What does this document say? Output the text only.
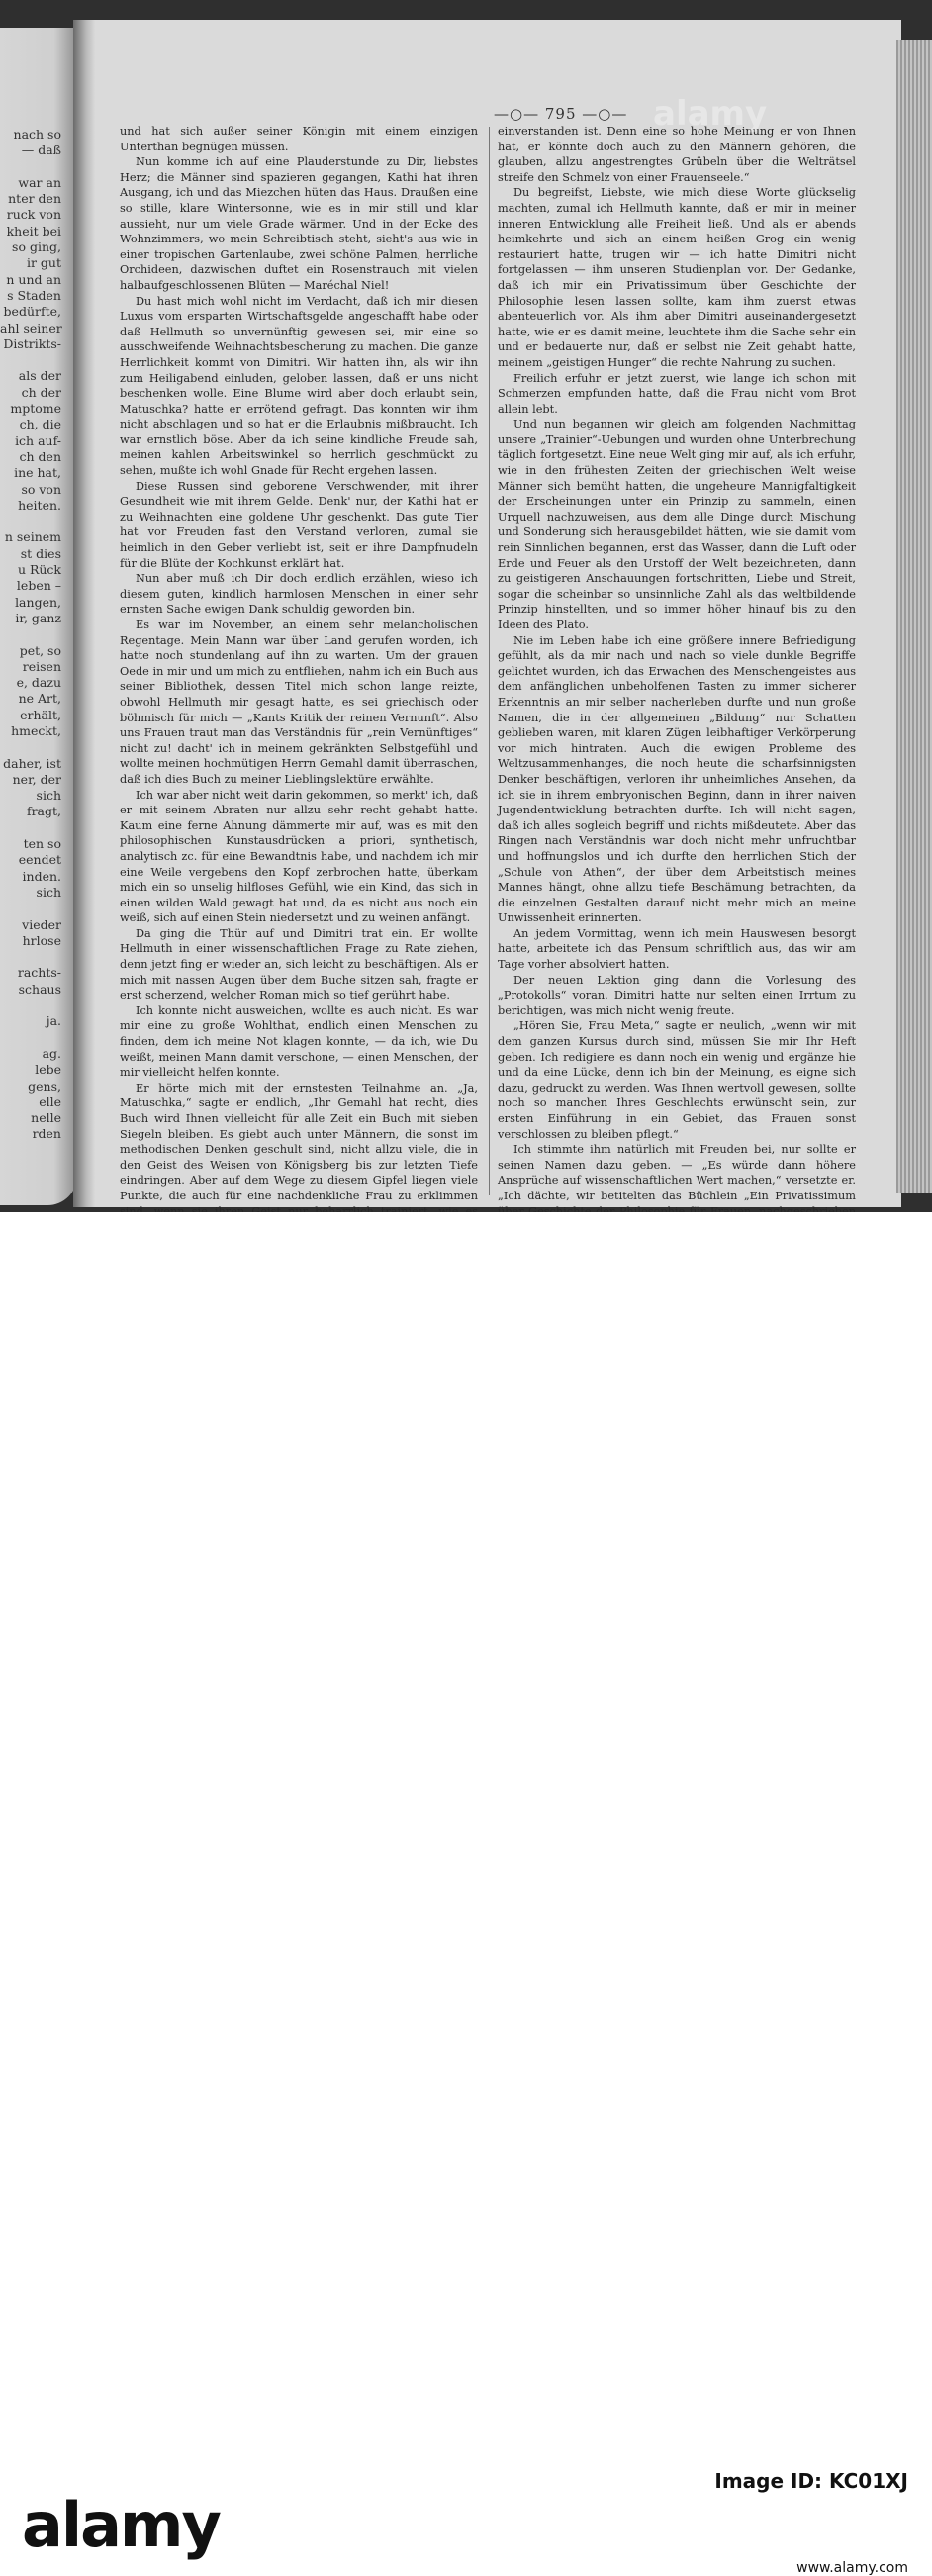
nach so
— daß

war an
nter den
ruck von
kheit bei
so ging,
ir gut
n und an
s Staden
bedürfte,
ahl seiner
Distrikts-

als der
ch der
mptome
ch, die
ich auf-
ch den
ine hat,
so von
heiten.

n seinem
st dies
u Rück
leben –
langen,
ir, ganz

pet, so
reisen
e, dazu
ne Art,
erhält,
hmeckt,

daher, ist
ner, der
sich
fragt,

ten so
eendet
inden.
sich

vieder
hrlose

rachts-
schaus

ja.

ag.
lebe
gens,
elle
nelle
rden
—○— 795 —○—

und hat sich außer seiner Königin mit einem einzigen Unterthan begnügen müssen.

Nun komme ich auf eine Plauderstunde zu Dir, liebstes Herz; die Männer sind spazieren gegangen, Kathi hat ihren Ausgang, ich und das Miezchen hüten das Haus. Draußen eine so stille, klare Wintersonne, wie es in mir still und klar aussieht, nur um viele Grade wärmer. Und in der Ecke des Wohnzimmers, wo mein Schreibtisch steht, sieht's aus wie in einer tropischen Gartenlaube, zwei schöne Palmen, herrliche Orchideen, dazwischen duftet ein Rosenstrauch mit vielen halbaufgeschlossenen Blüten — Maréchal Niel!

Du hast mich wohl nicht im Verdacht, daß ich mir diesen Luxus vom ersparten Wirtschaftsgelde angeschafft habe oder daß Hellmuth so unvernünftig gewesen sei, mir eine so ausschweifende Weihnachtsbescherung zu machen. Die ganze Herrlichkeit kommt von Dimitri. Wir hatten ihn, als wir ihn zum Heiligabend einluden, geloben lassen, daß er uns nicht beschenken wolle. Eine Blume wird aber doch erlaubt sein, Matuschka? hatte er errötend gefragt. Das konnten wir ihm nicht abschlagen und so hat er die Erlaubnis mißbraucht. Ich war ernstlich böse. Aber da ich seine kindliche Freude sah, meinen kahlen Arbeitswinkel so herrlich geschmückt zu sehen, mußte ich wohl Gnade für Recht ergehen lassen.

Diese Russen sind geborene Verschwender, mit ihrer Gesundheit wie mit ihrem Gelde. Denk' nur, der Kathi hat er zu Weihnachten eine goldene Uhr geschenkt. Das gute Tier hat vor Freuden fast den Verstand verloren, zumal sie heimlich in den Geber verliebt ist, seit er ihre Dampfnudeln für die Blüte der Kochkunst erklärt hat.

Nun aber muß ich Dir doch endlich erzählen, wieso ich diesem guten, kindlich harmlosen Menschen in einer sehr ernsten Sache ewigen Dank schuldig geworden bin.

Es war im November, an einem sehr melancholischen Regentage. Mein Mann war über Land gerufen worden, ich hatte noch stundenlang auf ihn zu warten. Um der grauen Oede in mir und um mich zu entfliehen, nahm ich ein Buch aus seiner Bibliothek, dessen Titel mich schon lange reizte, obwohl Hellmuth mir gesagt hatte, es sei griechisch oder böhmisch für mich — „Kants Kritik der reinen Vernunft“. Also uns Frauen traut man das Verständnis für „rein Vernünftiges“ nicht zu! dacht' ich in meinem gekränkten Selbstgefühl und wollte meinen hochmütigen Herrn Gemahl damit überraschen, daß ich dies Buch zu meiner Lieblingslektüre erwählte.

Ich war aber nicht weit darin gekommen, so merkt' ich, daß er mit seinem Abraten nur allzu sehr recht gehabt hatte. Kaum eine ferne Ahnung dämmerte mir auf, was es mit den philosophischen Kunstausdrücken a priori, synthetisch, analytisch zc. für eine Bewandtnis habe, und nachdem ich mir eine Weile vergebens den Kopf zerbrochen hatte, überkam mich ein so unselig hilfloses Gefühl, wie ein Kind, das sich in einen wilden Wald gewagt hat und, da es nicht aus noch ein weiß, sich auf einen Stein niedersetzt und zu weinen anfängt.

Da ging die Thür auf und Dimitri trat ein. Er wollte Hellmuth in einer wissenschaftlichen Frage zu Rate ziehen, denn jetzt fing er wieder an, sich leicht zu beschäftigen. Als er mich mit nassen Augen über dem Buche sitzen sah, fragte er erst scherzend, welcher Roman mich so tief gerührt habe.

Ich konnte nicht ausweichen, wollte es auch nicht. Es war mir eine zu große Wohlthat, endlich einen Menschen zu finden, dem ich meine Not klagen konnte, — da ich, wie Du weißt, meinen Mann damit verschone, — einen Menschen, der mir vielleicht helfen konnte.

Er hörte mich mit der ernstesten Teilnahme an. „Ja, Matuschka,“ sagte er endlich, „Ihr Gemahl hat recht, dies Buch wird Ihnen vielleicht für alle Zeit ein Buch mit sieben Siegeln bleiben. Es giebt auch unter Männern, die sonst im methodischen Denken geschult sind, nicht allzu viele, die in den Geist des Weisen von Königsberg bis zur letzten Tiefe eindringen. Aber auf dem Wege zu diesem Gipfel liegen viele Punkte, die auch für eine nachdenkliche Frau zu erklimmen

einverstanden ist. Denn eine so hohe Meinung er von Ihnen hat, er könnte doch auch zu den Männern gehören, die glauben, allzu angestrengtes Grübeln über die Welträtsel streife den Schmelz von einer Frauenseele.“

Du begreifst, Liebste, wie mich diese Worte glückselig machten, zumal ich Hellmuth kannte, daß er mir in meiner inneren Entwicklung alle Freiheit ließ. Und als er abends heimkehrte und sich an einem heißen Grog ein wenig restauriert hatte, trugen wir — ich hatte Dimitri nicht fortgelassen — ihm unseren Studienplan vor. Der Gedanke, daß ich mir ein Privatissimum über Geschichte der Philosophie lesen lassen sollte, kam ihm zuerst etwas abenteuerlich vor. Als ihm aber Dimitri auseinandergesetzt hatte, wie er es damit meine, leuchtete ihm die Sache sehr ein und er bedauerte nur, daß er selbst nie Zeit gehabt hatte, meinem „geistigen Hunger“ die rechte Nahrung zu suchen.

Freilich erfuhr er jetzt zuerst, wie lange ich schon mit Schmerzen empfunden hatte, daß die Frau nicht vom Brot allein lebt.

Und nun begannen wir gleich am folgenden Nachmittag unsere „Trainier“-Uebungen und wurden ohne Unterbrechung täglich fortgesetzt. Eine neue Welt ging mir auf, als ich erfuhr, wie in den frühesten Zeiten der griechischen Welt weise Männer sich bemüht hatten, die ungeheure Mannigfaltigkeit der Erscheinungen unter ein Prinzip zu sammeln, einen Urquell nachzuweisen, aus dem alle Dinge durch Mischung und Sonderung sich herausgebildet hätten, wie sie damit vom rein Sinnlichen begannen, erst das Wasser, dann die Luft oder Erde und Feuer als den Urstoff der Welt bezeichneten, dann zu geistigeren Anschauungen fortschritten, Liebe und Streit, sogar die scheinbar so unsinnliche Zahl als das weltbildende Prinzip hinstellten, und so immer höher hinauf bis zu den Ideen des Plato.

Nie im Leben habe ich eine größere innere Befriedigung gefühlt, als da mir nach und nach so viele dunkle Begriffe gelichtet wurden, ich das Erwachen des Menschengeistes aus dem anfänglichen unbeholfenen Tasten zu immer sicherer Erkenntnis an mir selber nacherleben durfte und nun große Namen, die in der allgemeinen „Bildung“ nur Schatten geblieben waren, mit klaren Zügen leibhaftiger Verkörperung vor mich hintraten. Auch die ewigen Probleme des Weltzusammenhanges, die noch heute die scharfsinnigsten Denker beschäftigen, verloren ihr unheimliches Ansehen, da ich sie in ihrem embryonischen Beginn, dann in ihrer naiven Jugendentwicklung betrachten durfte. Ich will nicht sagen, daß ich alles sogleich begriff und nichts mißdeutete. Aber das Ringen nach Verständnis war doch nicht mehr unfruchtbar und hoffnungslos und ich durfte den herrlichen Stich der „Schule von Athen“, der über dem Arbeitstisch meines Mannes hängt, ohne allzu tiefe Beschämung betrachten, da die einzelnen Gestalten darauf nicht mehr mich an meine Unwissenheit erinnerten.

An jedem Vormittag, wenn ich mein Hauswesen besorgt hatte, arbeitete ich das Pensum schriftlich aus, das wir am Tage vorher absolviert hatten.

Der neuen Lektion ging dann die Vorlesung des „Protokolls“ voran. Dimitri hatte nur selten einen Irrtum zu berichtigen, was mich nicht wenig freute.

„Hören Sie, Frau Meta,“ sagte er neulich, „wenn wir mit dem ganzen Kursus durch sind, müssen Sie mir Ihr Heft geben. Ich redigiere es dann noch ein wenig und ergänze hie und da eine Lücke, denn ich bin der Meinung, es eigne sich dazu, gedruckt zu werden. Was Ihnen wertvoll gewesen, sollte noch so manchen Ihres Geschlechts erwünscht sein, zur ersten Einführung in ein Gebiet, das Frauen sonst verschlossen zu bleiben pflegt.“

Ich stimmte ihm natürlich mit Freuden bei, nur sollte er seinen Namen dazu geben. — „Es würde dann höhere Ansprüche auf wissenschaftlichen Wert machen,“ versetzte er. „Ich dächte, wir betitelten das Büchlein „Ein Privatissimum

alamy
alamy
Image ID: KC01XJ
www.alamy.com
